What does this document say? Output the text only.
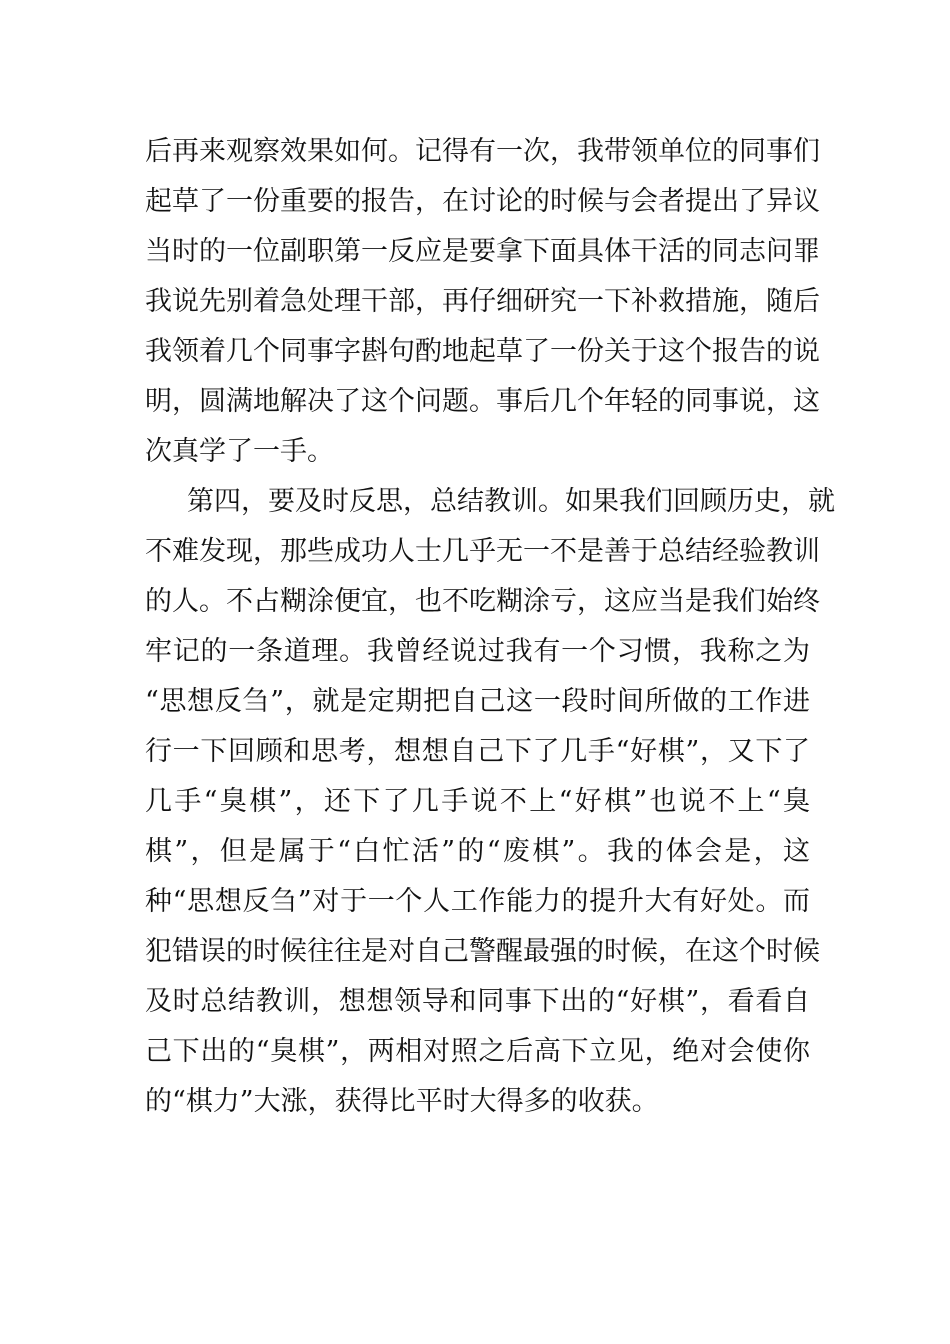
后再来观察效果如何。记得有一次，我带领单位的同事们
起草了一份重要的报告，在讨论的时候与会者提出了异议
当时的一位副职第一反应是要拿下面具体干活的同志问罪
我说先别着急处理干部，再仔细研究一下补救措施，随后
我领着几个同事字斟句酌地起草了一份关于这个报告的说
明，圆满地解决了这个问题。事后几个年轻的同事说，这
次真学了一手。
第四，要及时反思，总结教训。如果我们回顾历史，就
不难发现，那些成功人士几乎无一不是善于总结经验教训
的人。不占糊涂便宜，也不吃糊涂亏，这应当是我们始终
牢记的一条道理。我曾经说过我有一个习惯，我称之为
“思想反刍”，就是定期把自己这一段时间所做的工作进
行一下回顾和思考，想想自己下了几手“好棋”，又下了
几手“臭棋”，还下了几手说不上“好棋”也说不上“臭
棋”，但是属于“白忙活”的“废棋”。我的体会是，这
种“思想反刍”对于一个人工作能力的提升大有好处。而
犯错误的时候往往是对自己警醒最强的时候，在这个时候
及时总结教训，想想领导和同事下出的“好棋”，看看自
己下出的“臭棋”，两相对照之后高下立见，绝对会使你
的“棋力”大涨，获得比平时大得多的收获。
